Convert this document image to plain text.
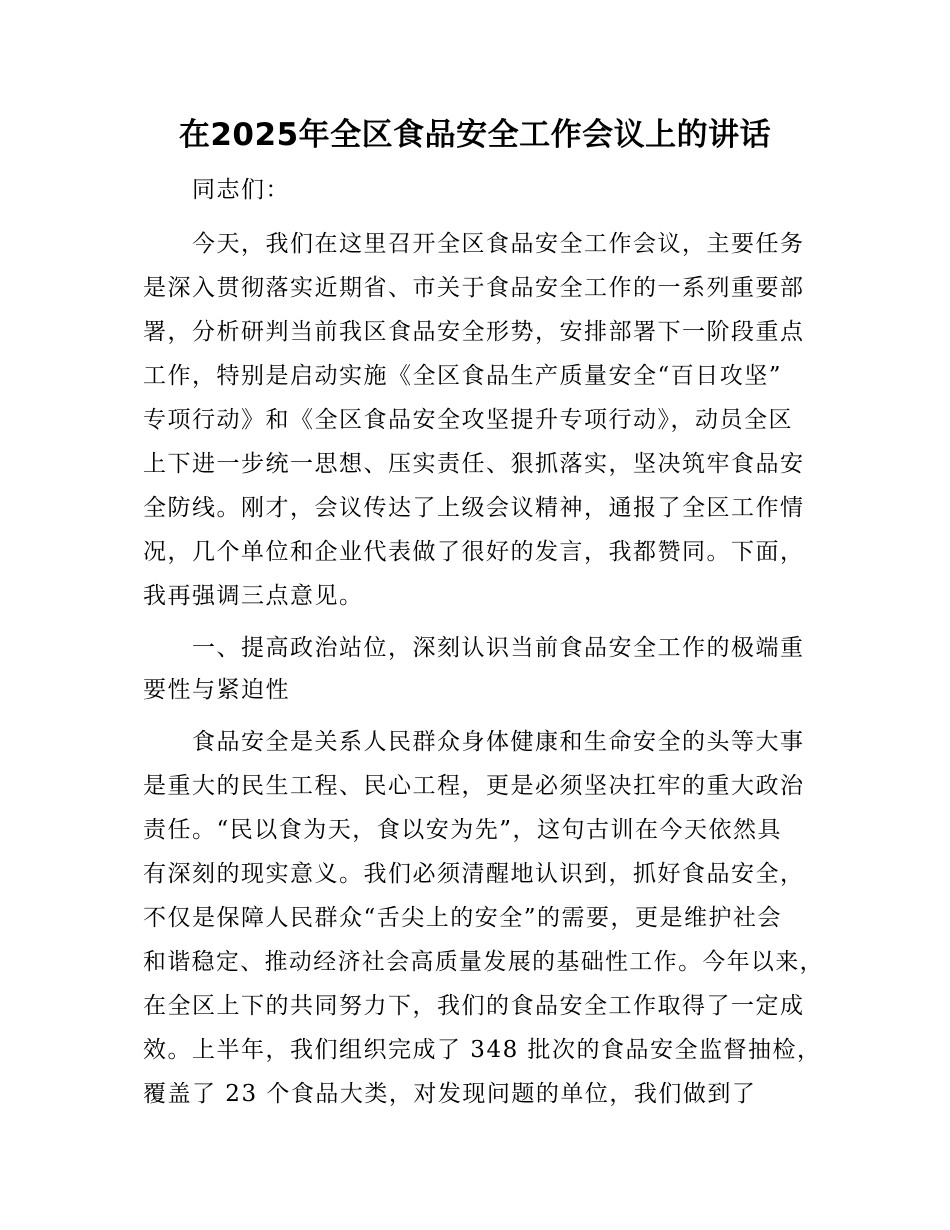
在2025年全区食品安全工作会议上的讲话
同志们：
今天，我们在这里召开全区食品安全工作会议，主要任务
是深入贯彻落实近期省、市关于食品安全工作的一系列重要部
署，分析研判当前我区食品安全形势，安排部署下一阶段重点
工作，特别是启动实施《全区食品生产质量安全“百日攻坚”
专项行动》和《全区食品安全攻坚提升专项行动》，动员全区
上下进一步统一思想、压实责任、狠抓落实，坚决筑牢食品安
全防线。刚才，会议传达了上级会议精神，通报了全区工作情
况，几个单位和企业代表做了很好的发言，我都赞同。下面，
我再强调三点意见。
一、提高政治站位，深刻认识当前食品安全工作的极端重
要性与紧迫性
食品安全是关系人民群众身体健康和生命安全的头等大事
是重大的民生工程、民心工程，更是必须坚决扛牢的重大政治
责任。“民以食为天，食以安为先”，这句古训在今天依然具
有深刻的现实意义。我们必须清醒地认识到，抓好食品安全，
不仅是保障人民群众“舌尖上的安全”的需要，更是维护社会
和谐稳定、推动经济社会高质量发展的基础性工作。今年以来，
在全区上下的共同努力下，我们的食品安全工作取得了一定成
效。上半年，我们组织完成了 348 批次的食品安全监督抽检，
覆盖了 23 个食品大类，对发现问题的单位，我们做到了
